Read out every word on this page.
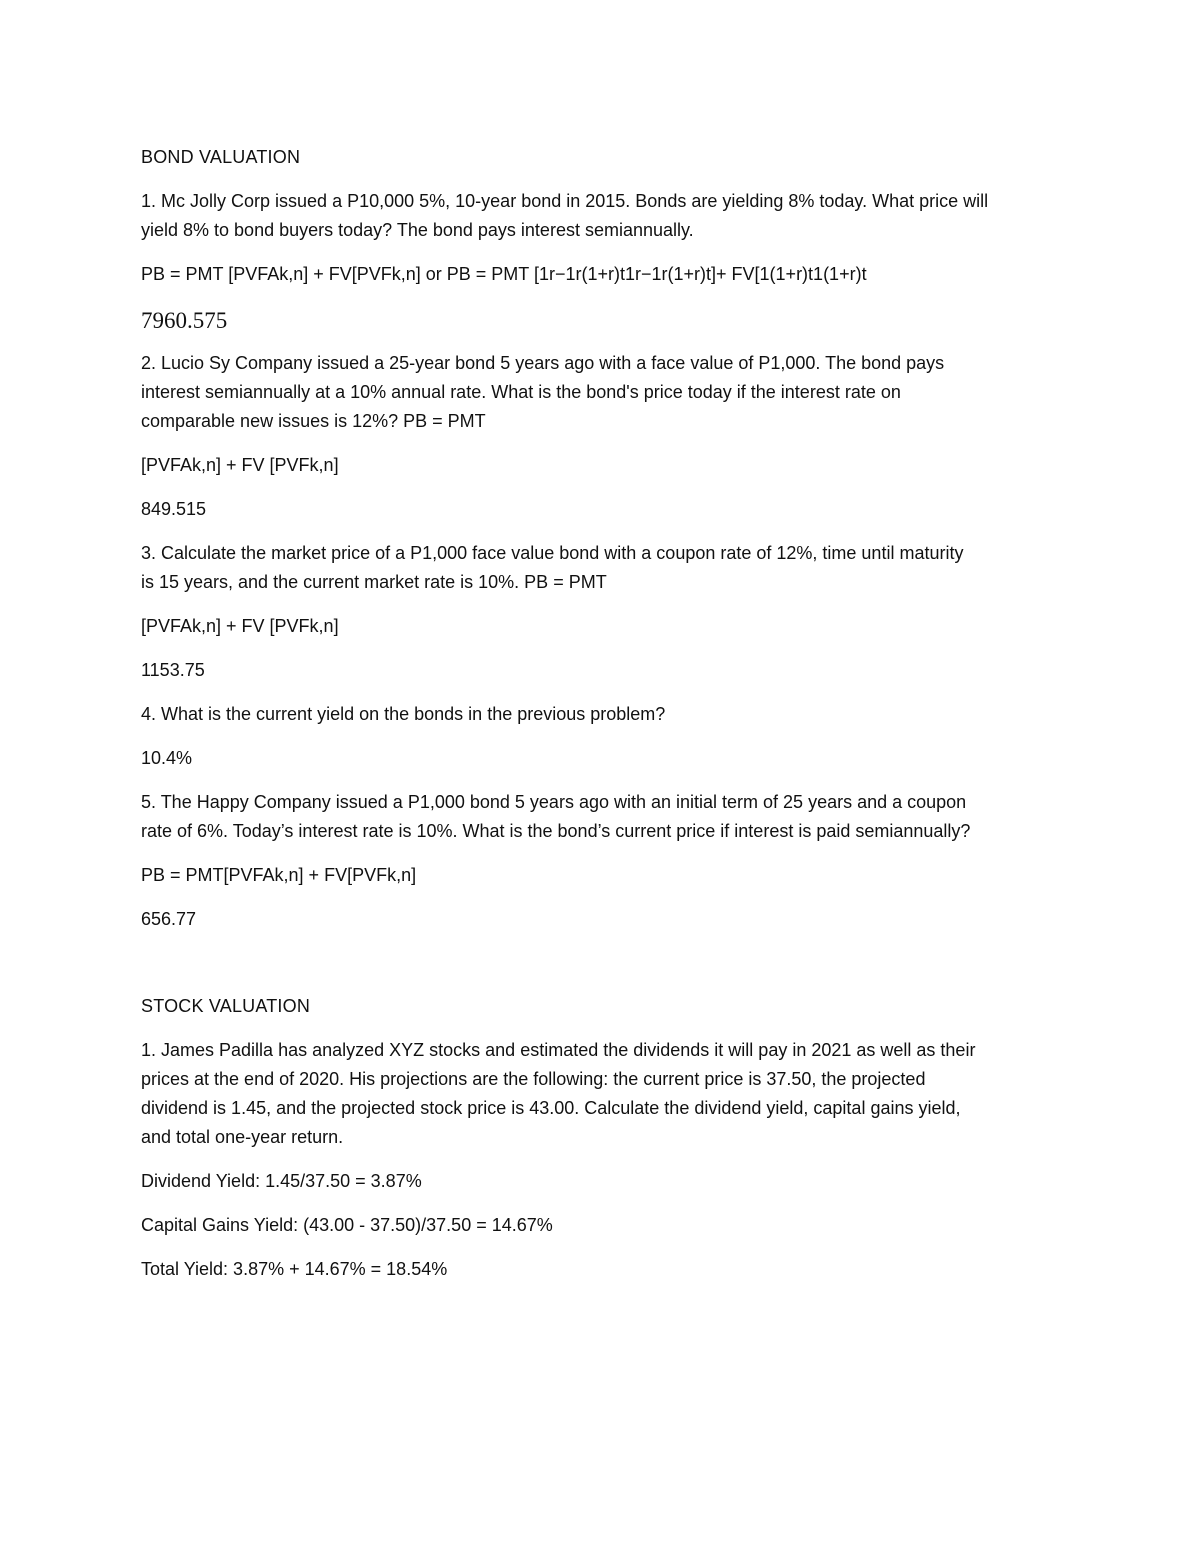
BOND VALUATION

1. Mc Jolly Corp issued a P10,000 5%, 10-year bond in 2015. Bonds are yielding 8% today. What price will

yield 8% to bond buyers today? The bond pays interest semiannually.

PB = PMT [PVFAk,n] + FV[PVFk,n] or PB = PMT [1r−1r(1+r)t1r−1r(1+r)t]+ FV[1(1+r)t1(1+r)t

7960.575

2. Lucio Sy Company issued a 25-year bond 5 years ago with a face value of P1,000. The bond pays

interest semiannually at a 10% annual rate. What is the bond's price today if the interest rate on

comparable new issues is 12%? PB = PMT

[PVFAk,n] + FV [PVFk,n]

849.515

3. Calculate the market price of a P1,000 face value bond with a coupon rate of 12%, time until maturity

is 15 years, and the current market rate is 10%. PB = PMT

[PVFAk,n] + FV [PVFk,n]

1153.75

4. What is the current yield on the bonds in the previous problem?

10.4%

5. The Happy Company issued a P1,000 bond 5 years ago with an initial term of 25 years and a coupon

rate of 6%. Today’s interest rate is 10%. What is the bond’s current price if interest is paid semiannually?

PB = PMT[PVFAk,n] + FV[PVFk,n]

656.77

STOCK VALUATION

1. James Padilla has analyzed XYZ stocks and estimated the dividends it will pay in 2021 as well as their

prices at the end of 2020. His projections are the following: the current price is 37.50, the projected

dividend is 1.45, and the projected stock price is 43.00. Calculate the dividend yield, capital gains yield,

and total one-year return.

Dividend Yield: 1.45/37.50 = 3.87%

Capital Gains Yield: (43.00 - 37.50)/37.50 = 14.67%

Total Yield: 3.87% + 14.67% = 18.54%
